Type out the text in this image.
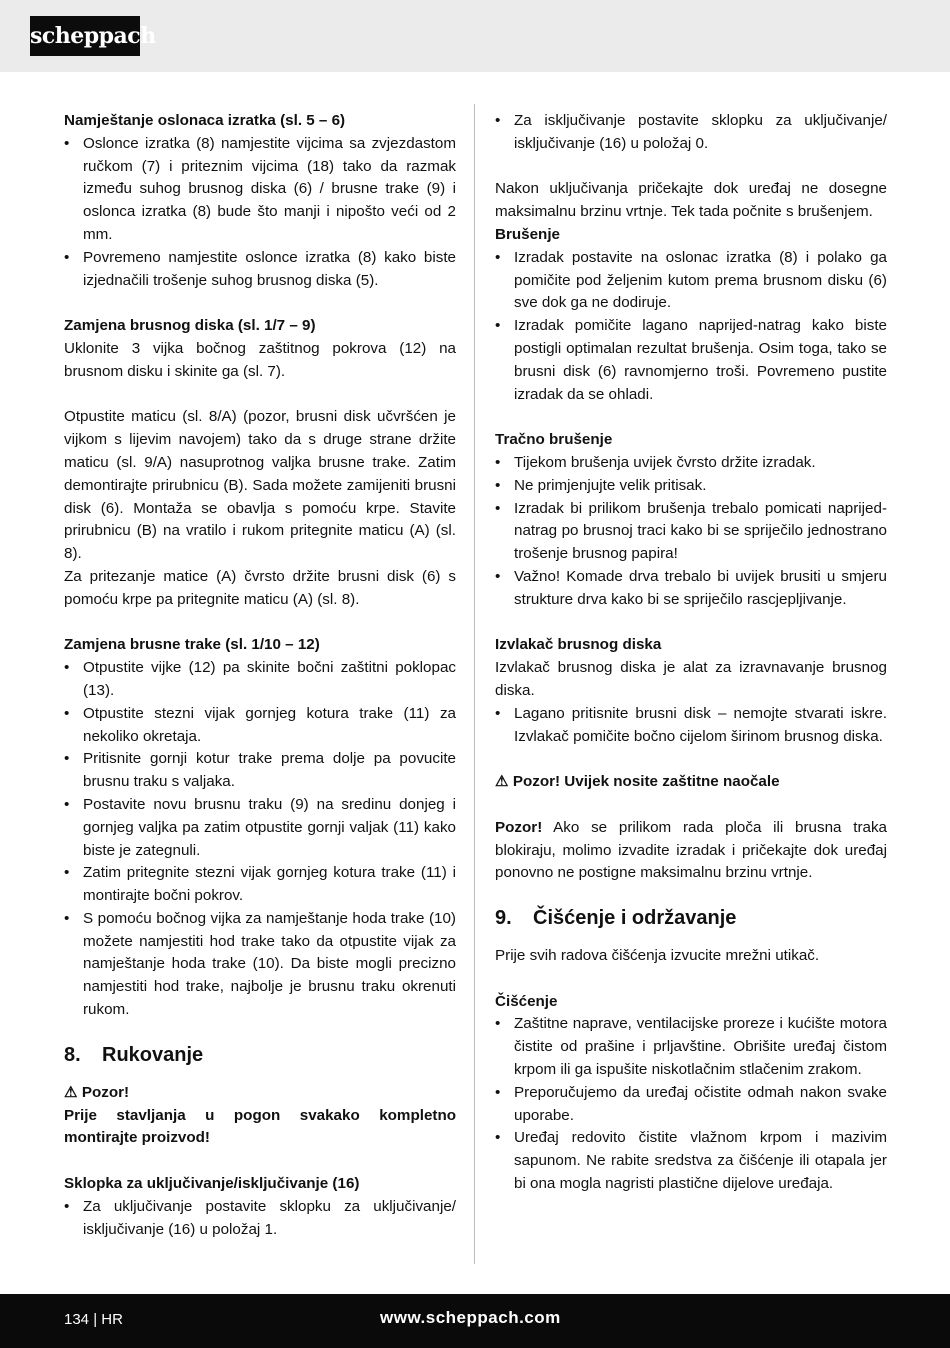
scheppach

Namještanje oslonaca izratka (sl. 5 – 6)

• Oslonce izratka (8) namjestite vijcima sa zvjezdastom ručkom (7) i priteznim vijcima (18) tako da razmak između suhog brusnog diska (6) / brusne trake (9) i oslonca izratka (8) bude što manji i nipošto veći od 2 mm.
• Povremeno namjestite oslonce izratka (8) kako biste izjednačili trošenje suhog brusnog diska (5).

Zamjena brusnog diska (sl. 1/7 – 9)

Uklonite 3 vijka bočnog zaštitnog pokrova (12) na brusnom disku i skinite ga (sl. 7).

Otpustite maticu (sl. 8/A) (pozor, brusni disk učvršćen je vijkom s lijevim navojem) tako da s druge strane držite maticu (sl. 9/A) nasuprotnog valjka brusne trake. Zatim demontirajte prirubnicu (B). Sada možete zamijeniti brusni disk (6). Montaža se obavlja s pomoću krpe. Stavite prirubnicu (B) na vratilo i rukom pritegnite maticu (A) (sl. 8).

Za pritezanje matice (A) čvrsto držite brusni disk (6) s pomoću krpe pa pritegnite maticu (A) (sl. 8).

Zamjena brusne trake (sl. 1/10 – 12)

• Otpustite vijke (12) pa skinite bočni zaštitni poklopac (13).
• Otpustite stezni vijak gornjeg kotura trake (11) za nekoliko okretaja.
• Pritisnite gornji kotur trake prema dolje pa povucite brusnu traku s valjaka.
• Postavite novu brusnu traku (9) na sredinu donjeg i gornjeg valjka pa zatim otpustite gornji valjak (11) kako biste je zategnuli.
• Zatim pritegnite stezni vijak gornjeg kotura trake (11) i montirajte bočni pokrov.
• S pomoću bočnog vijka za namještanje hoda trake (10) možete namjestiti hod trake tako da otpustite vijak za namještanje hoda trake (10). Da biste mogli precizno namjestiti hod trake, najbolje je brusnu traku okrenuti rukom.
8. Rukovanje

⚠ Pozor!

Prije stavljanja u pogon svakako kompletno montirajte proizvod!

Sklopka za uključivanje/isključivanje (16)

• Za uključivanje postavite sklopku za uključivanje/ isključivanje (16) u položaj 1.
• Za isključivanje postavite sklopku za uključivanje/ isključivanje (16) u položaj 0.

Nakon uključivanja pričekajte dok uređaj ne dosegne maksimalnu brzinu vrtnje. Tek tada počnite s brušenjem.

Brušenje

• Izradak postavite na oslonac izratka (8) i polako ga pomičite pod željenim kutom prema brusnom disku (6) sve dok ga ne dodiruje.
• Izradak pomičite lagano naprijed-natrag kako biste postigli optimalan rezultat brušenja. Osim toga, tako se brusni disk (6) ravnomjerno troši. Povremeno pustite izradak da se ohladi.

Tračno brušenje

• Tijekom brušenja uvijek čvrsto držite izradak.
• Ne primjenjujte velik pritisak.
• Izradak bi prilikom brušenja trebalo pomicati naprijed-natrag po brusnoj traci kako bi se spriječilo jednostrano trošenje brusnog papira!
• Važno! Komade drva trebalo bi uvijek brusiti u smjeru strukture drva kako bi se spriječilo rascjepljivanje.

Izvlakač brusnog diska

Izvlakač brusnog diska je alat za izravnavanje brusnog diska.

• Lagano pritisnite brusni disk – nemojte stvarati iskre. Izvlakač pomičite bočno cijelom širinom brusnog diska.

⚠ Pozor! Uvijek nosite zaštitne naočale

Pozor! Ako se prilikom rada ploča ili brusna traka blokiraju, molimo izvadite izradak i pričekajte dok uređaj ponovno ne postigne maksimalnu brzinu vrtnje.

9. Čišćenje i održavanje

Prije svih radova čišćenja izvucite mrežni utikač.

Čišćenje

• Zaštitne naprave, ventilacijske proreze i kućište motora čistite od prašine i prljavštine. Obrišite uređaj čistom krpom ili ga ispušite niskotlačnim stlačenim zrakom.
• Preporučujemo da uređaj očistite odmah nakon svake uporabe.
• Uređaj redovito čistite vlažnom krpom i mazivim sapunom. Ne rabite sredstva za čišćenje ili otapala jer bi ona mogla nagristi plastične dijelove uređaja.
134 | HR	www.scheppach.com
